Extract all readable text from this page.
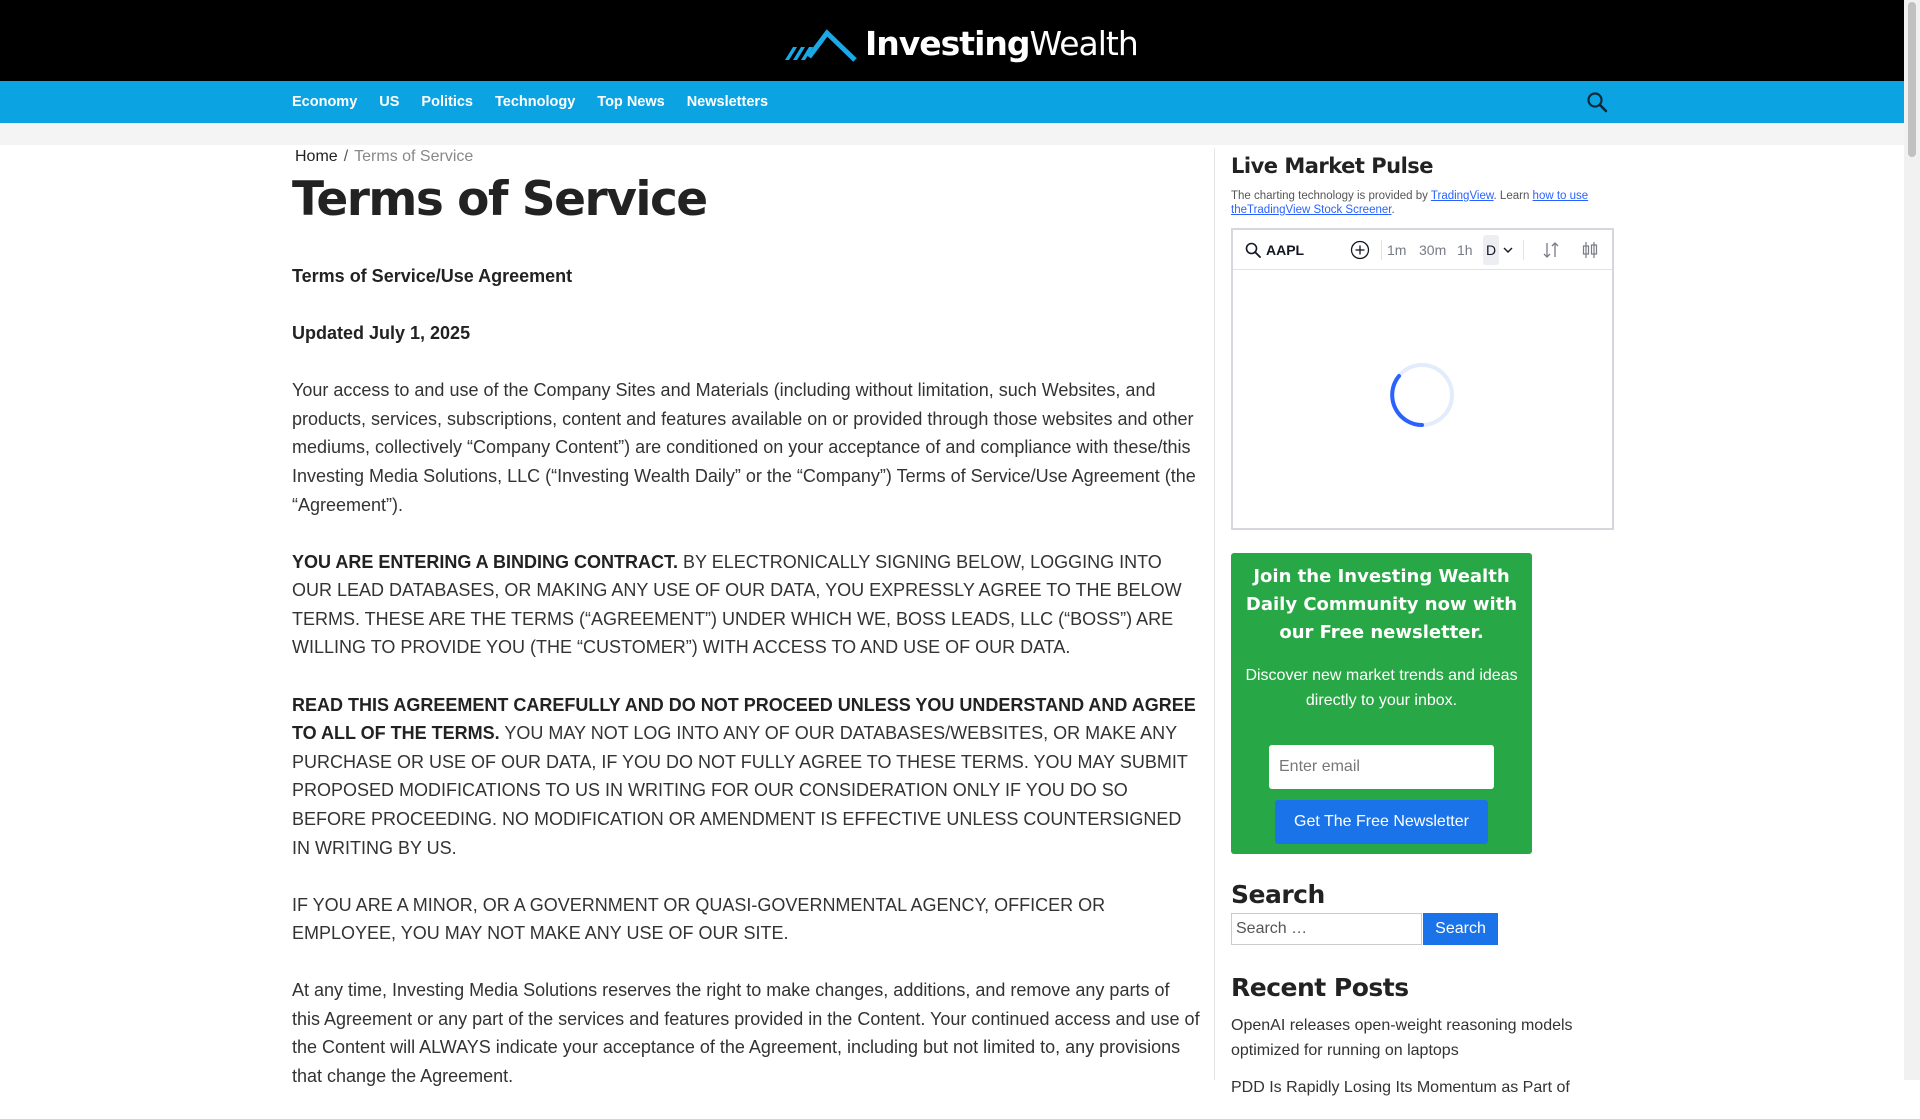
InvestingWealth
Economy US Politics Technology Top News Newsletters
Home / Terms of Service
Terms of Service

Terms of Service/Use Agreement

Updated July 1, 2025

Your access to and use of the Company Sites and Materials (including without limitation, such Websites, and products, services, subscriptions, content and features available on or provided through those websites and other mediums, collectively “Company Content”) are conditioned on your acceptance of and compliance with these/this Investing Media Solutions, LLC (“Investing Wealth Daily” or the “Company”) Terms of Service/Use Agreement (the “Agreement”).

YOU ARE ENTERING A BINDING CONTRACT. BY ELECTRONICALLY SIGNING BELOW, LOGGING INTO OUR LEAD DATABASES, OR MAKING ANY USE OF OUR DATA, YOU EXPRESSLY AGREE TO THE BELOW TERMS. THESE ARE THE TERMS (“AGREEMENT”) UNDER WHICH WE, BOSS LEADS, LLC (“BOSS”) ARE WILLING TO PROVIDE YOU (THE “CUSTOMER”) WITH ACCESS TO AND USE OF OUR DATA.

READ THIS AGREEMENT CAREFULLY AND DO NOT PROCEED UNLESS YOU UNDERSTAND AND AGREE TO ALL OF THE TERMS. YOU MAY NOT LOG INTO ANY OF OUR DATABASES/WEBSITES, OR MAKE ANY PURCHASE OR USE OF OUR DATA, IF YOU DO NOT FULLY AGREE TO THESE TERMS. YOU MAY SUBMIT PROPOSED MODIFICATIONS TO US IN WRITING FOR OUR CONSIDERATION ONLY IF YOU DO SO BEFORE PROCEEDING. NO MODIFICATION OR AMENDMENT IS EFFECTIVE UNLESS COUNTERSIGNED IN WRITING BY US.

IF YOU ARE A MINOR, OR A GOVERNMENT OR QUASI-GOVERNMENTAL AGENCY, OFFICER OR EMPLOYEE, YOU MAY NOT MAKE ANY USE OF OUR SITE.

At any time, Investing Media Solutions reserves the right to make changes, additions, and remove any parts of this Agreement or any part of the services and features provided in the Content. Your continued access and use of the Content will ALWAYS indicate your acceptance of the Agreement, including but not limited to, any provisions that change the Agreement.

Live Market Pulse
The charting technology is provided by TradingView. Learn how to use theTradingView Stock Screener.
AAPL	1m 30m 1h D
Join the Investing Wealth Daily Community now with our Free newsletter.
Discover new market trends and ideas directly to your inbox.
Enter email
Get The Free Newsletter
Search
Search …
Search
Recent Posts
OpenAI releases open-weight reasoning models optimized for running on laptops
PDD Is Rapidly Losing Its Momentum as Part of
